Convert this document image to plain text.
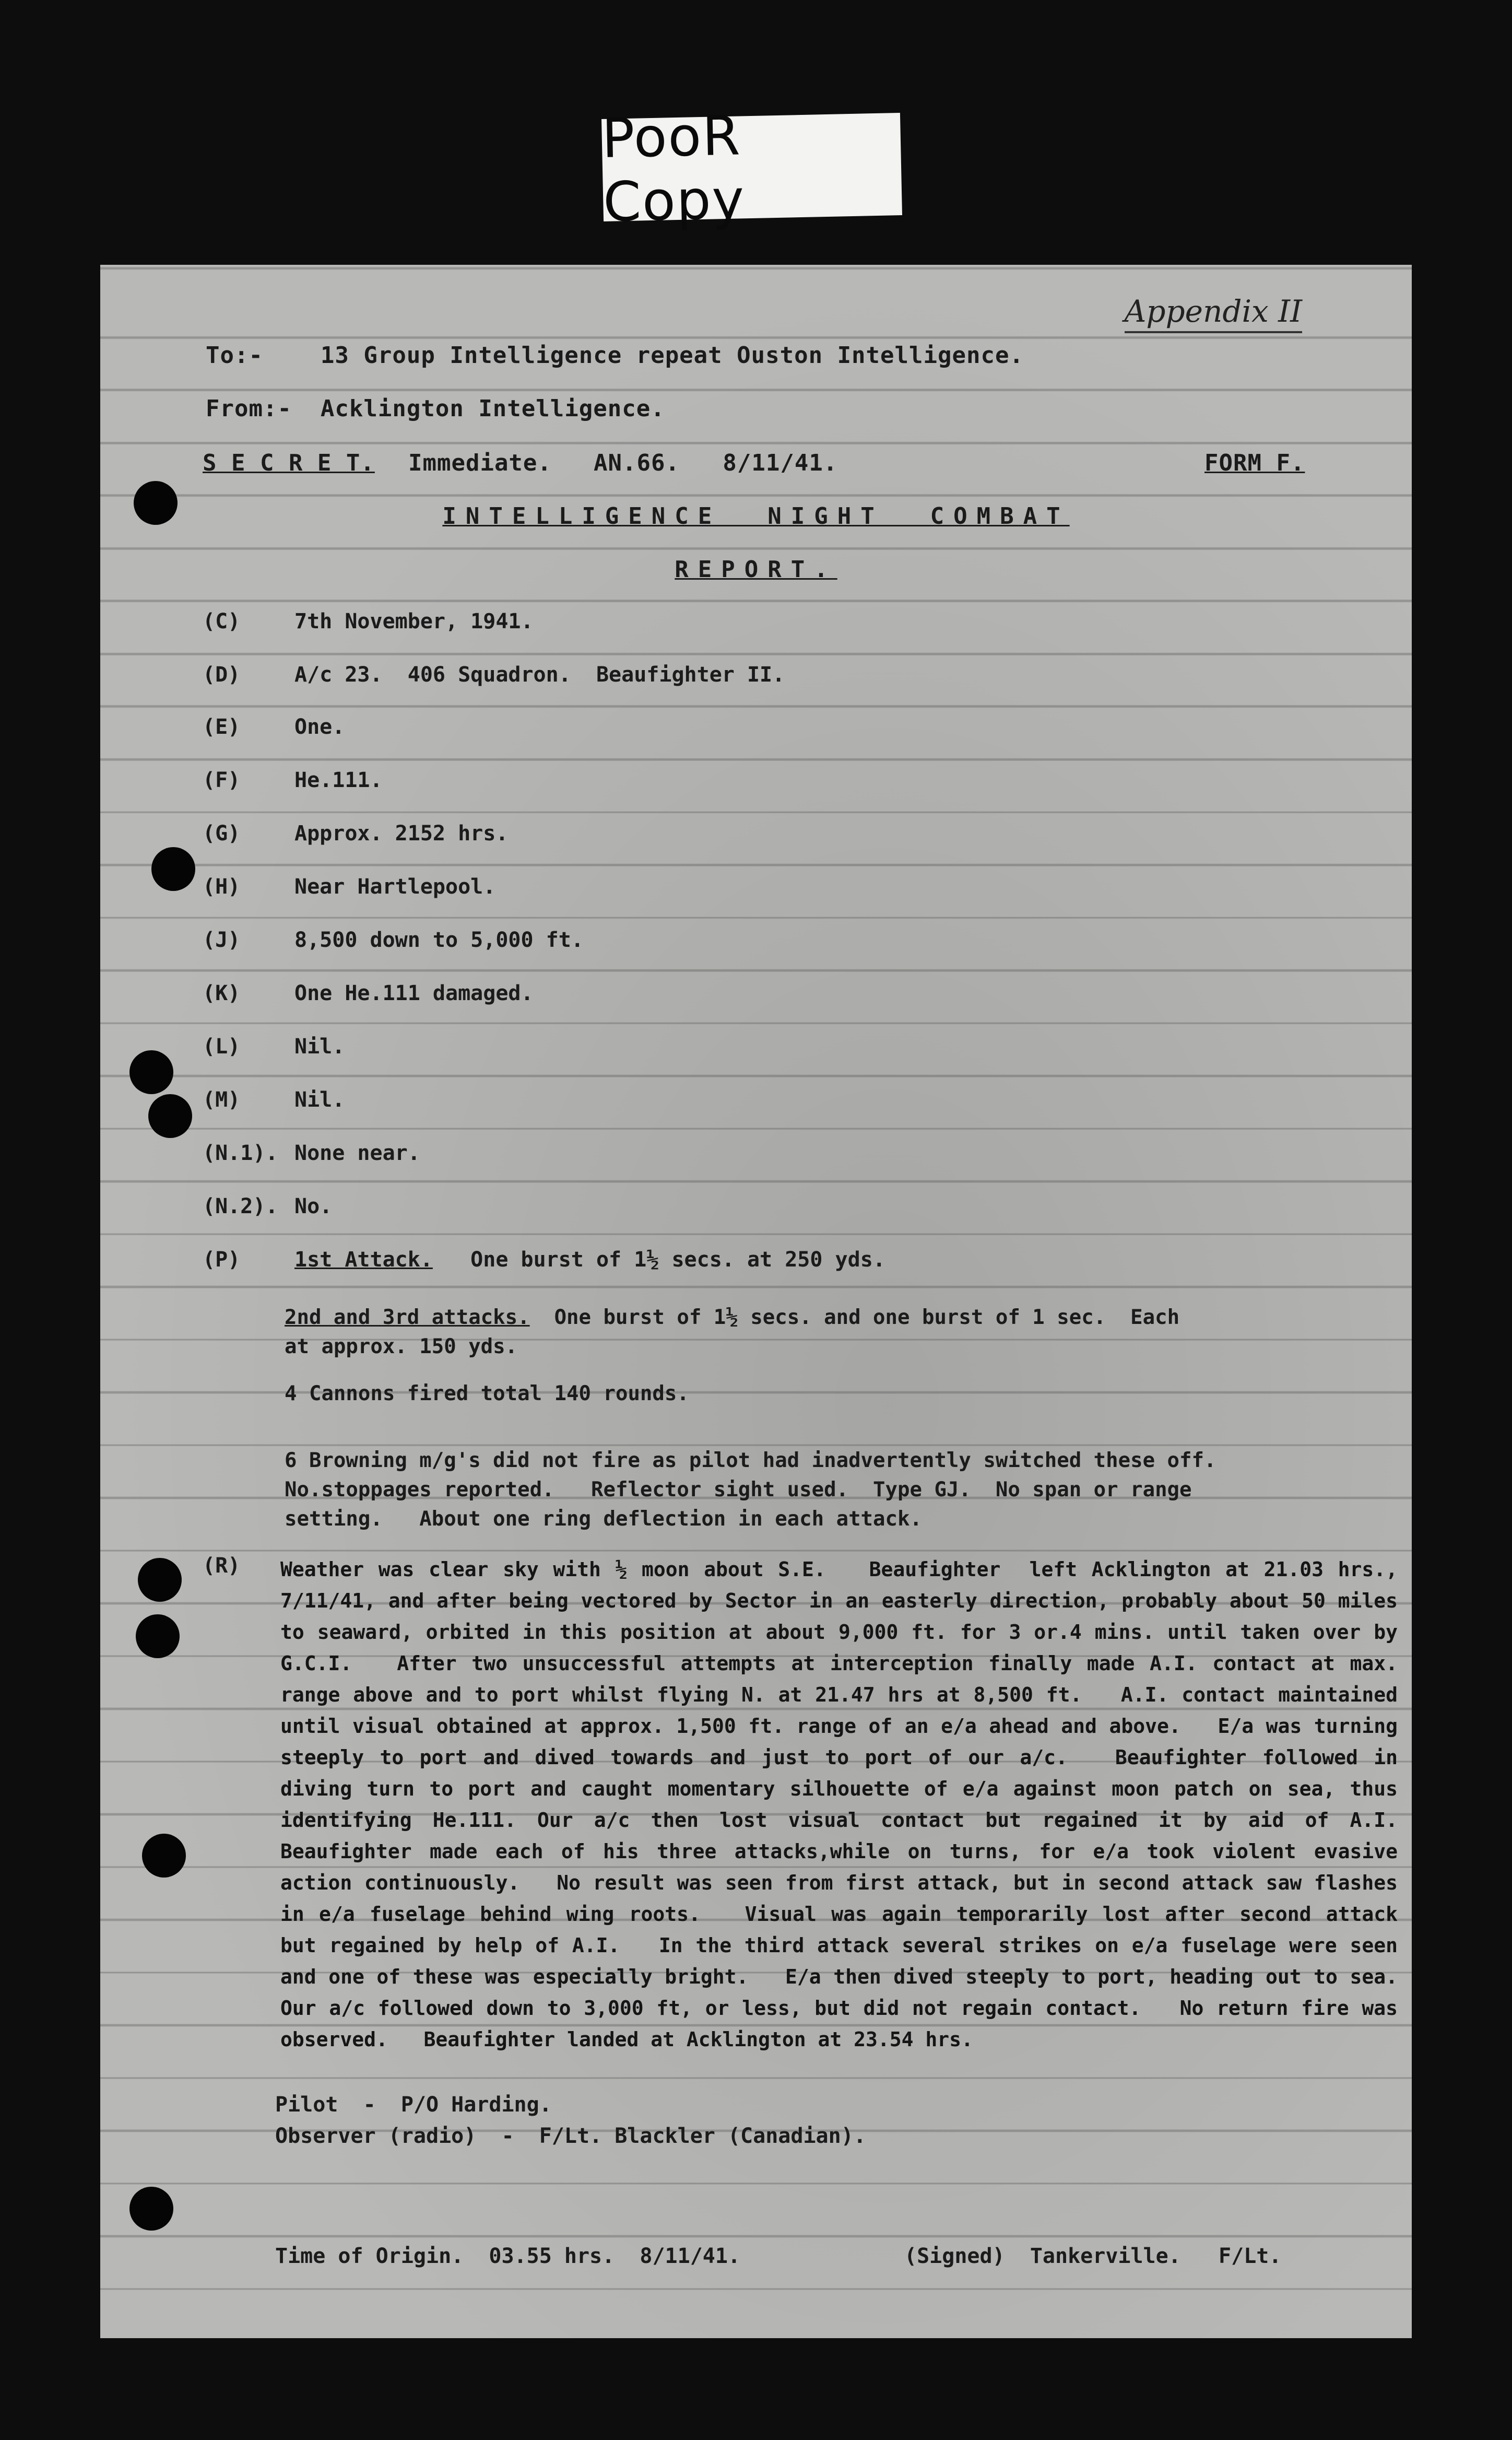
PooR Copy
Appendix II
To:-    13 Group Intelligence repeat Ouston Intelligence.
From:-  Acklington Intelligence.
S E C R E T. Immediate. AN.66.   8/11/41.	FORM F.
INTELLIGENCE  NIGHT  COMBAT
REPORT.
(C)	7th November, 1941.
(D)	A/c 23.  406 Squadron.  Beaufighter II.
(E)	One.
(F)	He.111.
(G)	Approx. 2152 hrs.
(H)	Near Hartlepool.
(J)	8,500 down to 5,000 ft.
(K)	One He.111 damaged.
(L)	Nil.
(M)	Nil.
(N.1). None near.
(N.2). No.
(P)	1st Attack.   One burst of 1½ secs. at 250 yds.
2nd and 3rd attacks.  One burst of 1½ secs. and one burst of 1 sec.  Each
at approx. 150 yds.
4 Cannons fired total 140 rounds.
6 Browning m/g's did not fire as pilot had inadvertently switched these off.
No.stoppages reported.   Reflector sight used.  Type GJ.  No span or range
setting.   About one ring deflection in each attack.
(R) Weather was clear sky with ½ moon about S.E.   Beaufighter  left Acklington at 21.03 hrs., 7/11/41, and after being vectored by Sector in an easterly direction, probably about 50 miles to seaward, orbited in this position at about 9,000 ft. for 3 or.4 mins. until taken over by G.C.I.   After two unsuccessful attempts at interception finally made A.I. contact at max. range above and to port whilst flying N. at 21.47 hrs at 8,500 ft.   A.I. contact maintained until visual obtained at approx. 1,500 ft. range of an e/a ahead and above.   E/a was turning steeply to port and dived towards and just to port of our a/c.   Beaufighter followed in diving turn to port and caught momentary silhouette of e/a against moon patch on sea, thus identifying He.111. Our a/c then lost visual contact but regained it by aid of A.I.   Beaufighter made each of his three attacks,while on turns, for e/a took violent evasive action continuously.   No result was seen from first attack, but in second attack saw flashes in e/a fuselage behind wing roots.   Visual was again temporarily lost after second attack but regained by help of A.I.   In the third attack several strikes on e/a fuselage were seen and one of these was especially bright.   E/a then dived steeply to port, heading out to sea.   Our a/c followed down to 3,000 ft, or less, but did not regain contact.   No return fire was observed.   Beaufighter landed at Acklington at 23.54 hrs.
Pilot  -  P/O Harding.
Observer (radio)  -  F/Lt. Blackler (Canadian).
Time of Origin.  03.55 hrs.  8/11/41.	(Signed)  Tankerville.   F/Lt.
